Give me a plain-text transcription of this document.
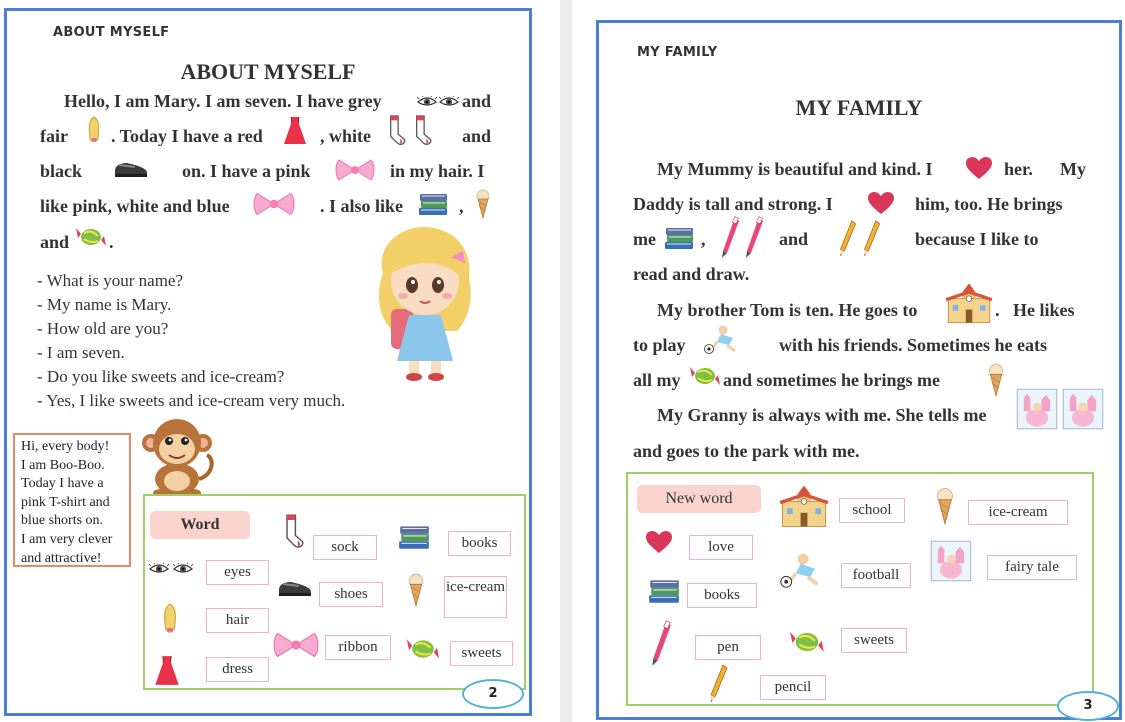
ABOUT MYSELF
ABOUT MYSELF
Hello, I am Mary. I am seven. I have grey	and
fair . Today I have a red	, white	and
black	on. I have a pink	in my hair. I
like pink, white and blue	. I also like	,
and .
- What is your name?
- My name is Mary.
- How old are you?
- I am seven.
- Do you like sweets and ice-cream?
- Yes, I like sweets and ice-cream very much.
Hi, every body!
I am Boo-Boo.
Today I have a
pink T-shirt and
blue shorts on.
I am very clever
and attractive!
Word
eyes
hair
dress
sock
shoes
ribbon
books
ice-cream
sweets
2
MY FAMILY
MY FAMILY
My Mummy is beautiful and kind. I	her. My
Daddy is tall and strong. I	him, too. He brings
me	,	and	because I like to
read and draw.
My brother Tom is ten. He goes to	. He likes
to play	with his friends. Sometimes he eats
all my and sometimes he brings me
My Granny is always with me. She tells me
and goes to the park with me.
New word
love
books
pen
pencil
school
football
sweets
ice-cream
fairy tale
3
